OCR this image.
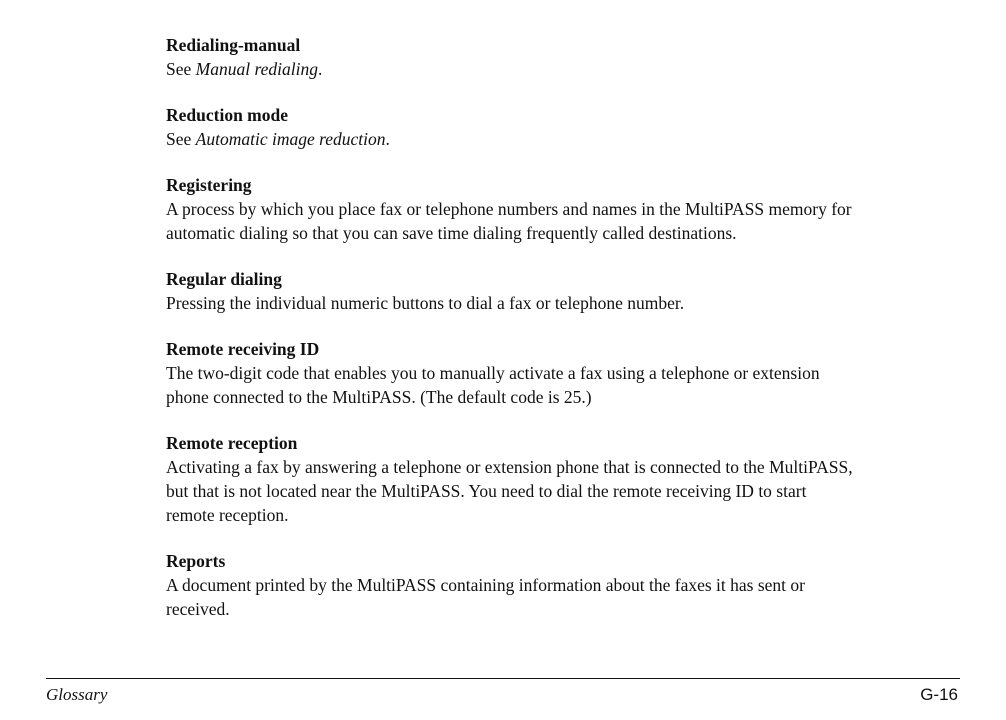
Redialing-manual
See Manual redialing.
Reduction mode
See Automatic image reduction.
Registering
A process by which you place fax or telephone numbers and names in the MultiPASS memory for
automatic dialing so that you can save time dialing frequently called destinations.
Regular dialing
Pressing the individual numeric buttons to dial a fax or telephone number.
Remote receiving ID
The two-digit code that enables you to manually activate a fax using a telephone or extension
phone connected to the MultiPASS. (The default code is 25.)
Remote reception
Activating a fax by answering a telephone or extension phone that is connected to the MultiPASS,
but that is not located near the MultiPASS. You need to dial the remote receiving ID to start
remote reception.
Reports
A document printed by the MultiPASS containing information about the faxes it has sent or
received.
Glossary	G-16
